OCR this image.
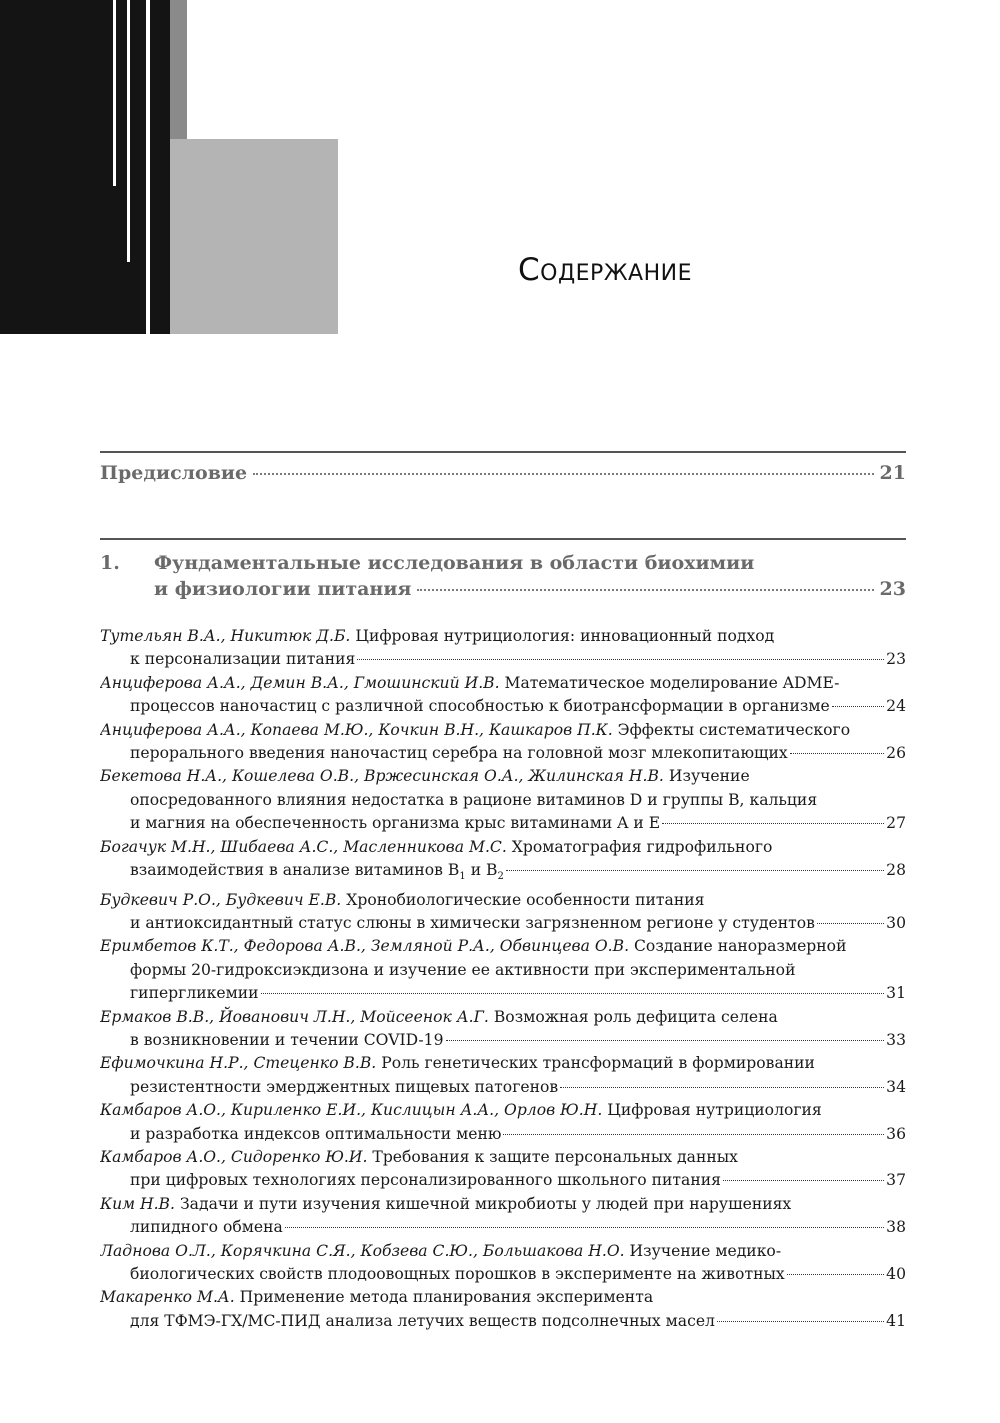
Содержание
Предисловие	21
1. Фундаментальные исследования в области биохимии
и физиологии питания	23
Тутельян В.А., Никитюк Д.Б. Цифровая нутрициология: инновационный подход
к персонализации питания	23
Анциферова А.А., Демин В.А., Гмошинский И.В. Математическое моделирование ADME-
процессов наночастиц с различной способностью к биотрансформации в организме	24
Анциферова А.А., Копаева М.Ю., Кочкин В.Н., Кашкаров П.К. Эффекты систематического
перорального введения наночастиц серебра на головной мозг млекопитающих	26
Бекетова Н.А., Кошелева О.В., Вржесинская О.А., Жилинская Н.В. Изучение
опосредованного влияния недостатка в рационе витаминов D и группы B, кальция
и магния на обеспеченность организма крыс витаминами A и E	27
Богачук М.Н., Шибаева А.С., Масленникова М.С. Хроматография гидрофильного
взаимодействия в анализе витаминов $B_1$ и $B_2$	28
Будкевич Р.О., Будкевич Е.В. Хронобиологические особенности питания
и антиоксидантный статус слюны в химически загрязненном регионе у студентов	30
Еримбетов К.Т., Федорова А.В., Земляной Р.А., Обвинцева О.В. Создание наноразмерной
формы 20-гидроксиэкдизона и изучение ее активности при экспериментальной
гипергликемии	31
Ермаков В.В., Йованович Л.Н., Мойсеенок А.Г. Возможная роль дефицита селена
в возникновении и течении COVID-19	33
Ефимочкина Н.Р., Стеценко В.В. Роль генетических трансформаций в формировании
резистентности эмерджентных пищевых патогенов	34
Камбаров А.О., Кириленко Е.И., Кислицын А.А., Орлов Ю.Н. Цифровая нутрициология
и разработка индексов оптимальности меню	36
Камбаров А.О., Сидоренко Ю.И. Требования к защите персональных данных
при цифровых технологиях персонализированного школьного питания	37
Ким Н.В. Задачи и пути изучения кишечной микробиоты у людей при нарушениях
липидного обмена	38
Ладнова О.Л., Корячкина С.Я., Кобзева С.Ю., Большакова Н.О. Изучение медико-
биологических свойств плодоовощных порошков в эксперименте на животных	40
Макаренко М.А. Применение метода планирования эксперимента
для ТФМЭ-ГХ/МС-ПИД анализа летучих веществ подсолнечных масел	41
